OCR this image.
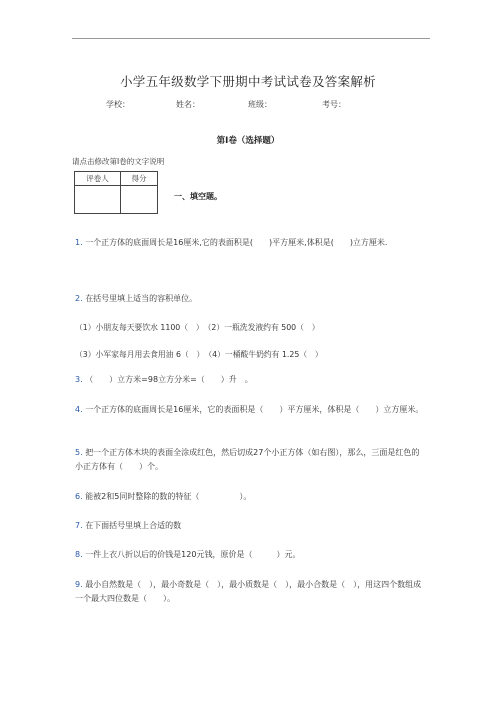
小学五年级数学下册期中考试试卷及答案解析
学校：	姓名：	班级：	考号：
第I卷（选择题）
请点击修改第I卷的文字说明
评卷人	得分

一、填空题。
1. 一个正方体的底面周长是16厘米,它的表面积是(　　)平方厘米,体积是(　　)立方厘米.
2. 在括号里填上适当的容积单位。
（1）小朋友每天要饮水 1100（　）　（2）一瓶洗发液约有 500（　）
（3）小军家每月用去食用油 6（　）　（4）一桶酸牛奶约有 1.25（　）
3. （　　）立方米=98立方分米=（　　）升　。
4. 一个正方体的底面周长是16厘米，它的表面积是（　　）平方厘米，体积是（　　）立方厘米。
5. 把一个正方体木块的表面全涂成红色，然后切成27个小正方体（如右图），那么，三面是红色的小正方体有（　　）个。
6. 能被2和5同时整除的数的特征（　　　　　）。
7. 在下面括号里填上合适的数
8. 一件上衣八折以后的价钱是120元钱，原价是（　　　）元。
9. 最小自然数是（　），最小奇数是（　），最小质数是（　），最小合数是（　），用这四个数组成一个最大四位数是（　　）。
